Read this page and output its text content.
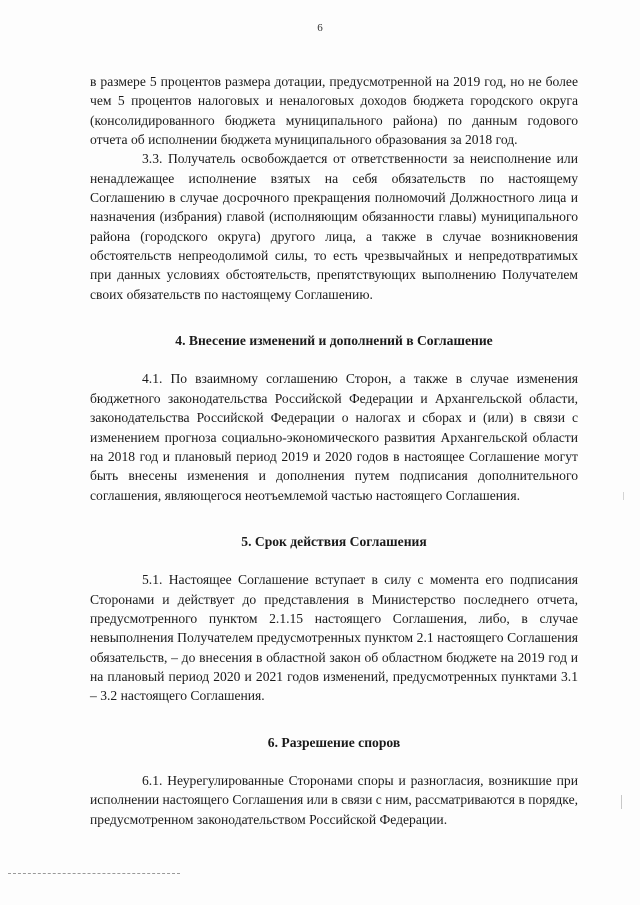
6

в размере 5 процентов размера дотации, предусмотренной на 2019 год, но не более чем 5 процентов налоговых и неналоговых доходов бюджета городского округа (консолидированного бюджета муниципального района) по данным годового отчета об исполнении бюджета муниципального образования за 2018 год.

3.3. Получатель освобождается от ответственности за неисполнение или ненадлежащее исполнение взятых на себя обязательств по настоящему Соглашению в случае досрочного прекращения полномочий Должностного лица и назначения (избрания) главой (исполняющим обязанности главы) муниципального района (городского округа) другого лица, а также в случае возникновения обстоятельств непреодолимой силы, то есть чрезвычайных и непредотвратимых при данных условиях обстоятельств, препятствующих выполнению Получателем своих обязательств по настоящему Соглашению.

4. Внесение изменений и дополнений в Соглашение

4.1. По взаимному соглашению Сторон, а также в случае изменения бюджетного законодательства Российской Федерации и Архангельской области, законодательства Российской Федерации о налогах и сборах и (или) в связи с изменением прогноза социально-экономического развития Архангельской области на 2018 год и плановый период 2019 и 2020 годов в настоящее Соглашение могут быть внесены изменения и дополнения путем подписания дополнительного соглашения, являющегося неотъемлемой частью настоящего Соглашения.

5. Срок действия Соглашения

5.1. Настоящее Соглашение вступает в силу с момента его подписания Сторонами и действует до представления в Министерство последнего отчета, предусмотренного пунктом 2.1.15 настоящего Соглашения, либо, в случае невыполнения Получателем предусмотренных пунктом 2.1 настоящего Соглашения обязательств, – до внесения в областной закон об областном бюджете на 2019 год и на плановый период 2020 и 2021 годов изменений, предусмотренных пунктами 3.1 – 3.2 настоящего Соглашения.

6. Разрешение споров

6.1. Неурегулированные Сторонами споры и разногласия, возникшие при исполнении настоящего Соглашения или в связи с ним, рассматриваются в порядке, предусмотренном законодательством Российской Федерации.
